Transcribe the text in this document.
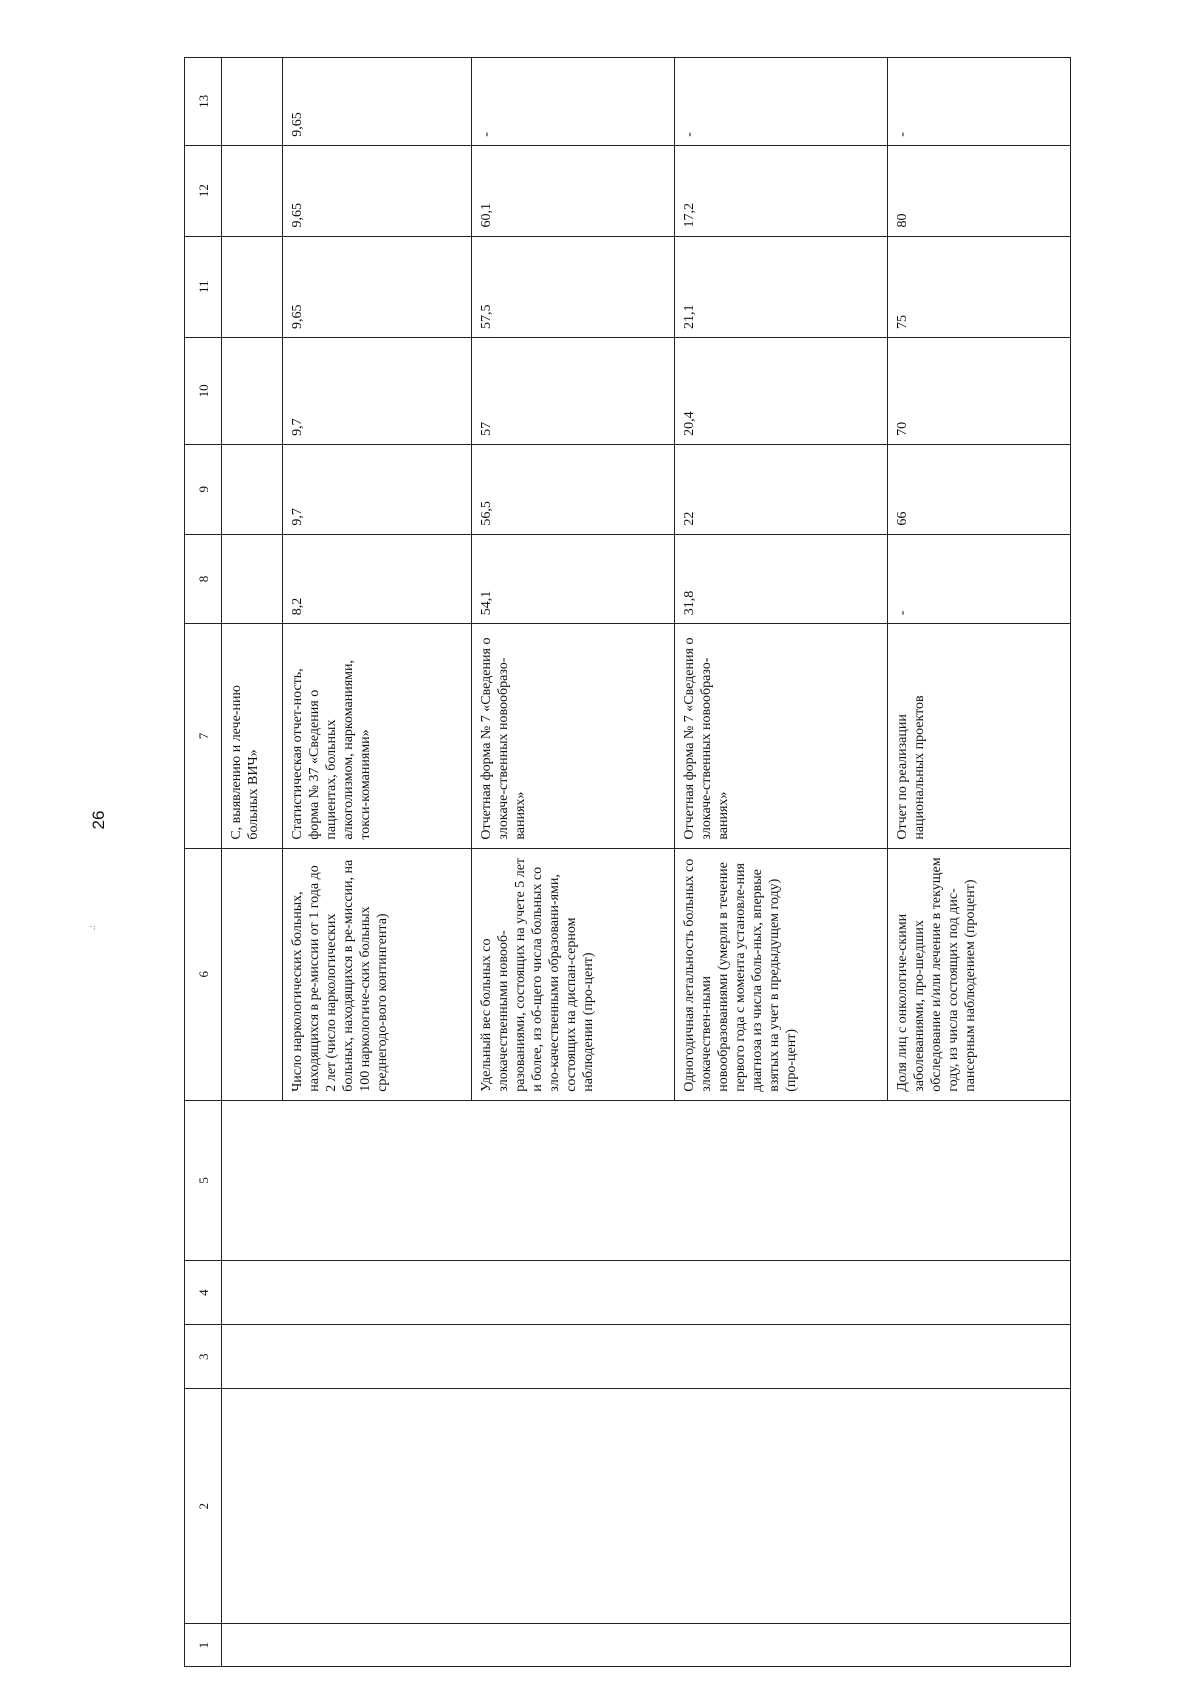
26
.:
1	2	3	4	5	6	7	8	9	10	11	12	13
						С, выявлению и лече-нию больных ВИЧ»						
					Число наркологических больных, находящихся в ре-миссии от 1 года до 2 лет (число наркологических больных, находящихся в ре-миссии, на 100 наркологиче-ских больных среднегодо-вого контингента)	Статистическая отчет-ность, форма № 37 «Сведения о пациентах, больных алкоголизмом, наркоманиями, токси-команиями»	8,2	9,7	9,7	9,65	9,65	9,65
					Удельный вес больных со злокачественными новооб-разованиями, состоящих на учете 5 лет и более, из об-щего числа больных со зло-качественными образовани-ями, состоящих на диспан-серном наблюдении (про-цент)	Отчетная форма № 7 «Сведения о злокаче-ственных новообразо-ваниях»	54,1	56,5	57	57,5	60,1	-
					Одногодичная летальность больных со злокачествен-ными новообразованиями (умерли в течение первого года с момента установле-ния диагноза из числа боль-ных, впервые взятых на учет в предыдущем году) (про-цент)	Отчетная форма № 7 «Сведения о злокаче-ственных новообразо-ваниях»	31,8	22	20,4	21,1	17,2	-
					Доля лиц с онкологиче-скими заболеваниями, про-шедших обследование и/или лечение в текущем году, из числа состоящих под дис-пансерным наблюдением (процент)	Отчет по реализации национальных проектов	-	66	70	75	80	-
